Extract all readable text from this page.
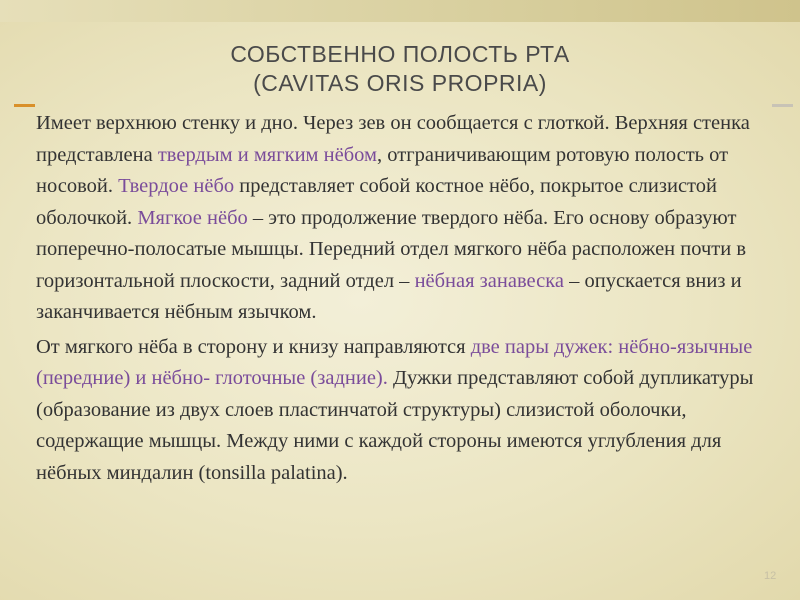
СОБСТВЕННО ПОЛОСТЬ РТА
(CAVITAS ORIS PROPRIA)

Имеет верхнюю стенку и дно. Через зев он сообщается с глоткой. Верхняя стенка представлена твердым и мягким нёбом, отграничивающим ротовую полость от носовой. Твердое нёбо представляет собой костное нёбо, покрытое слизистой оболочкой. Мягкое нёбо – это продолжение твердого нёба. Его основу образуют поперечно-полосатые мышцы. Передний отдел мягкого нёба расположен почти в горизонтальной плоскости, задний отдел – нёбная занавеска – опускается вниз и заканчивается нёбным язычком.

От мягкого нёба в сторону и книзу направляются две пары дужек: нёбно-язычные (передние) и нёбно- глоточные (задние). Дужки представляют собой дупликатуры (образование из двух слоев пластинчатой структуры) слизистой оболочки, содержащие мышцы. Между ними с каждой стороны имеются углубления для нёбных миндалин (tonsilla palatina).

12
